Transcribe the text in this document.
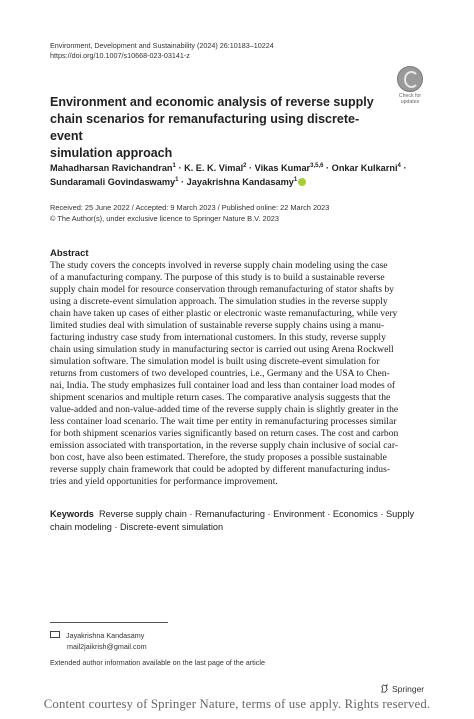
Environment, Development and Sustainability (2024) 26:10183–10224
https://doi.org/10.1007/s10668-023-03141-z
Check for
updates
Environment and economic analysis of reverse supply
chain scenarios for remanufacturing using discrete-event
simulation approach
Mahadharsan Ravichandran$^1$ · K. E. K. Vimal$^2$ · Vikas Kumar$^{3,5,6}$ · Onkar Kulkarni$^4$ ·
Sundaramali Govindaswamy$^1$ · Jayakrishna Kandasamy$^1$
Received: 25 June 2022 / Accepted: 9 March 2023 / Published online: 22 March 2023
© The Author(s), under exclusive licence to Springer Nature B.V. 2023
Abstract
The study covers the concepts involved in reverse supply chain modeling using the case
of a manufacturing company. The purpose of this study is to build a sustainable reverse
supply chain model for resource conservation through remanufacturing of stator shafts by
using a discrete-event simulation approach. The simulation studies in the reverse supply
chain have taken up cases of either plastic or electronic waste remanufacturing, while very
limited studies deal with simulation of sustainable reverse supply chains using a manu-
facturing industry case study from international customers. In this study, reverse supply
chain using simulation study in manufacturing sector is carried out using Arena Rockwell
simulation software. The simulation model is built using discrete-event simulation for
returns from customers of two developed countries, i.e., Germany and the USA to Chen-
nai, India. The study emphasizes full container load and less than container load modes of
shipment scenarios and multiple return cases. The comparative analysis suggests that the
value-added and non-value-added time of the reverse supply chain is slightly greater in the
less container load scenario. The wait time per entity in remanufacturing processes similar
for both shipment scenarios varies significantly based on return cases. The cost and carbon
emission associated with transportation, in the reverse supply chain inclusive of social car-
bon cost, have also been estimated. Therefore, the study proposes a possible sustainable
reverse supply chain framework that could be adopted by different manufacturing indus-
tries and yield opportunities for performance improvement.
Keywords Reverse supply chain · Remanufacturing · Environment · Economics · Supply
chain modeling · Discrete-event simulation
Jayakrishna Kandasamy
mail2jaikrish@gmail.com
Extended author information available on the last page of the article
Springer
Content courtesy of Springer Nature, terms of use apply. Rights reserved.
